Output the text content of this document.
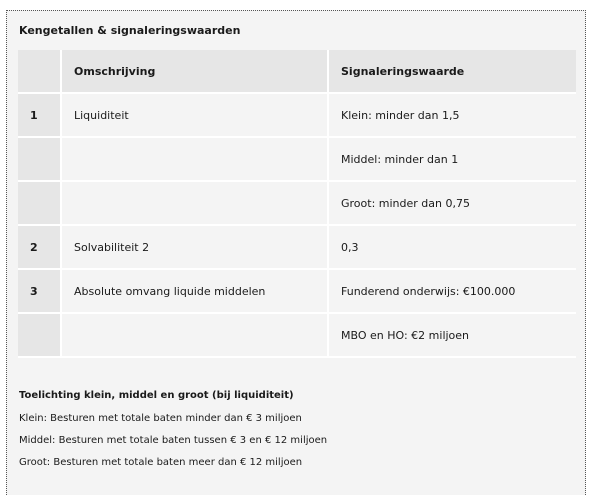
Kengetallen & signaleringswaarden
	Omschrijving	Signaleringswaarde
1	Liquiditeit	Klein: minder dan 1,5
		Middel: minder dan 1
		Groot: minder dan 0,75
2	Solvabiliteit 2	0,3
3	Absolute omvang liquide middelen	Funderend onderwijs: €100.000
		MBO en HO: €2 miljoen
Toelichting klein, middel en groot (bij liquiditeit)

Klein: Besturen met totale baten minder dan € 3 miljoen

Middel: Besturen met totale baten tussen € 3 en € 12 miljoen

Groot: Besturen met totale baten meer dan € 12 miljoen
